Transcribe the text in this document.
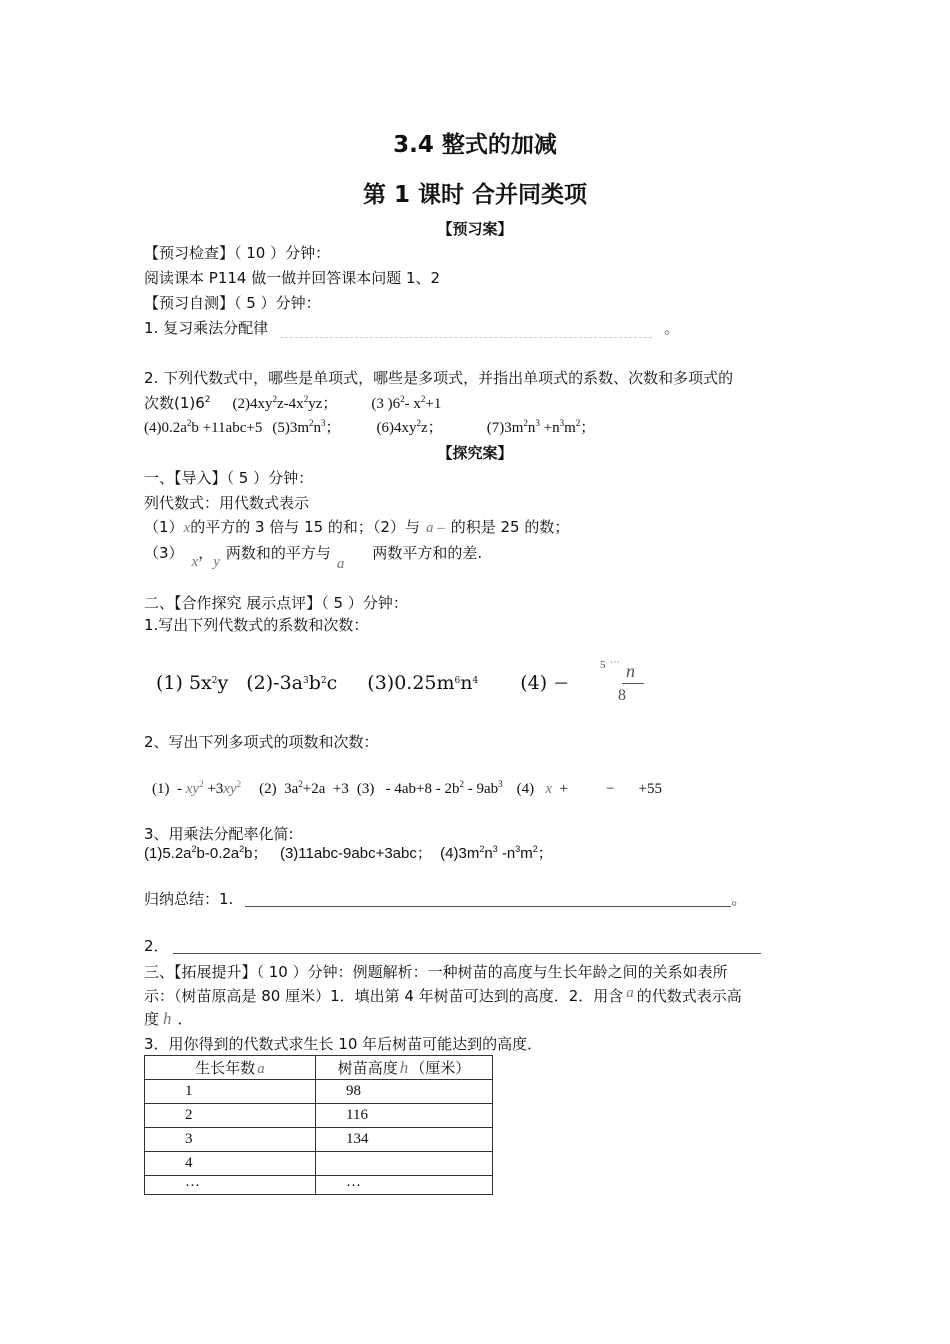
3.4 整式的加减
第 1 课时 合并同类项
【预习案】
【预习检查】（ 10 ）分钟：
阅读课本 P114 做一做并回答课本问题 1、2
【预习自测】（ 5 ）分钟：
1. 复习乘法分配律	。
2. 下列代数式中，哪些是单项式，哪些是多项式，并指出单项式的系数、次数和多项式的
次数$(1)6^2$ $(2)4xy^2z-4x^2yz$； (3 )$6^2-$ $x^2+1$
$(4)0.2a^2b +11abc+5$ $(5)3m^2n^3$； $(6)4xy^2z$；	$(7)3m^2n^3 +n^3m^2$；
【探究案】
一、【导入】（ 5 ）分钟：
列代数式：用代数式表示
（1）x的平方的 3 倍与 15 的和；（2）与 a – 的积是 25 的数；
（3） x，y 两数和的平方与a两数平方和的差.
二、【合作探究 展示点评】（ 5 ）分钟：
1.写出下列代数式的系数和次数：
(1) $5x^2y$ $(2)-3a^3b^2c$ $(3)0.25m^6n^4$ (4) −
5 ⋯ n
8
2、写出下列多项式的项数和次数：
$(1) - xy^2 +3xy^2$ (2)  $3a^2+2a +3$ $(3) - 4ab+8 - 2b^2 - 9ab^3$ (4)   x  +	− +55
3、用乘法分配率化简:
$(1)5.2a^2b-0.2a^2b$；   (3)11abc-9abc+3abc；  $(4)3m^2n^3$ $-n^3m^2$；
归纳总结：1.	。
2．
三、【拓展提升】（ 10 ）分钟：例题解析：一种树苗的高度与生长年龄之间的关系如表所
示：（树苗原高是 80 厘米）1．填出第 4 年树苗可达到的高度．2．用含 a 的代数式表示高
度 h ．
3．用你得到的代数式求生长 10 年后树苗可能达到的高度．
生长年数 a	树苗高度 h （厘米）
1	98
2	116
3	134
4	
…	…
